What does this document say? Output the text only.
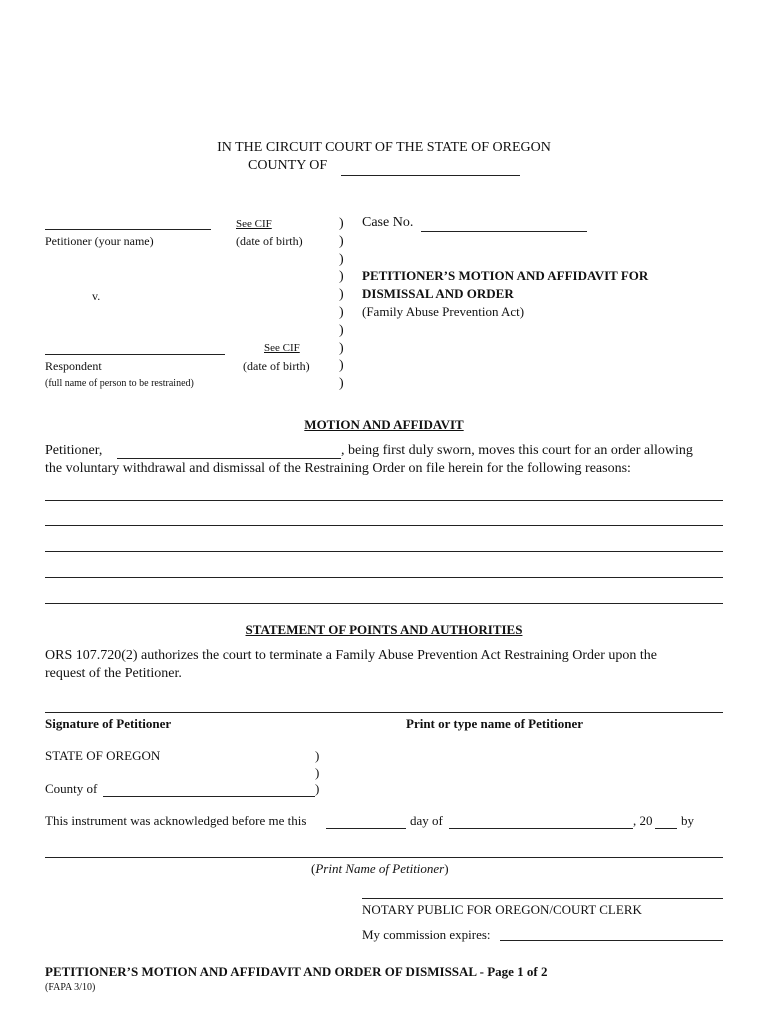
IN THE CIRCUIT COURT OF THE STATE OF OREGON
COUNTY OF
See CIF
Petitioner (your name)	(date of birth)
v.
See CIF
Respondent	(date of birth)
(full name of person to be restrained)
)
)
)
)
)
)
)
)
)
)
Case No.
PETITIONER’S MOTION AND AFFIDAVIT FOR
DISMISSAL AND ORDER
(Family Abuse Prevention Act)
MOTION AND AFFIDAVIT
Petitioner,	, being first duly sworn, moves this court for an order allowing
the voluntary withdrawal and dismissal of the Restraining Order on file herein for the following reasons:
STATEMENT OF POINTS AND AUTHORITIES
ORS 107.720(2) authorizes the court to terminate a Family Abuse Prevention Act Restraining Order upon the
request of the Petitioner.
Signature of Petitioner	Print or type name of Petitioner
STATE OF OREGON	)
)
County of	)
This instrument was acknowledged before me this	day of	, 20 by
(Print Name of Petitioner)
NOTARY PUBLIC FOR OREGON/COURT CLERK
My commission expires:
PETITIONER’S MOTION AND AFFIDAVIT AND ORDER OF DISMISSAL - Page 1 of 2
(FAPA 3/10)
